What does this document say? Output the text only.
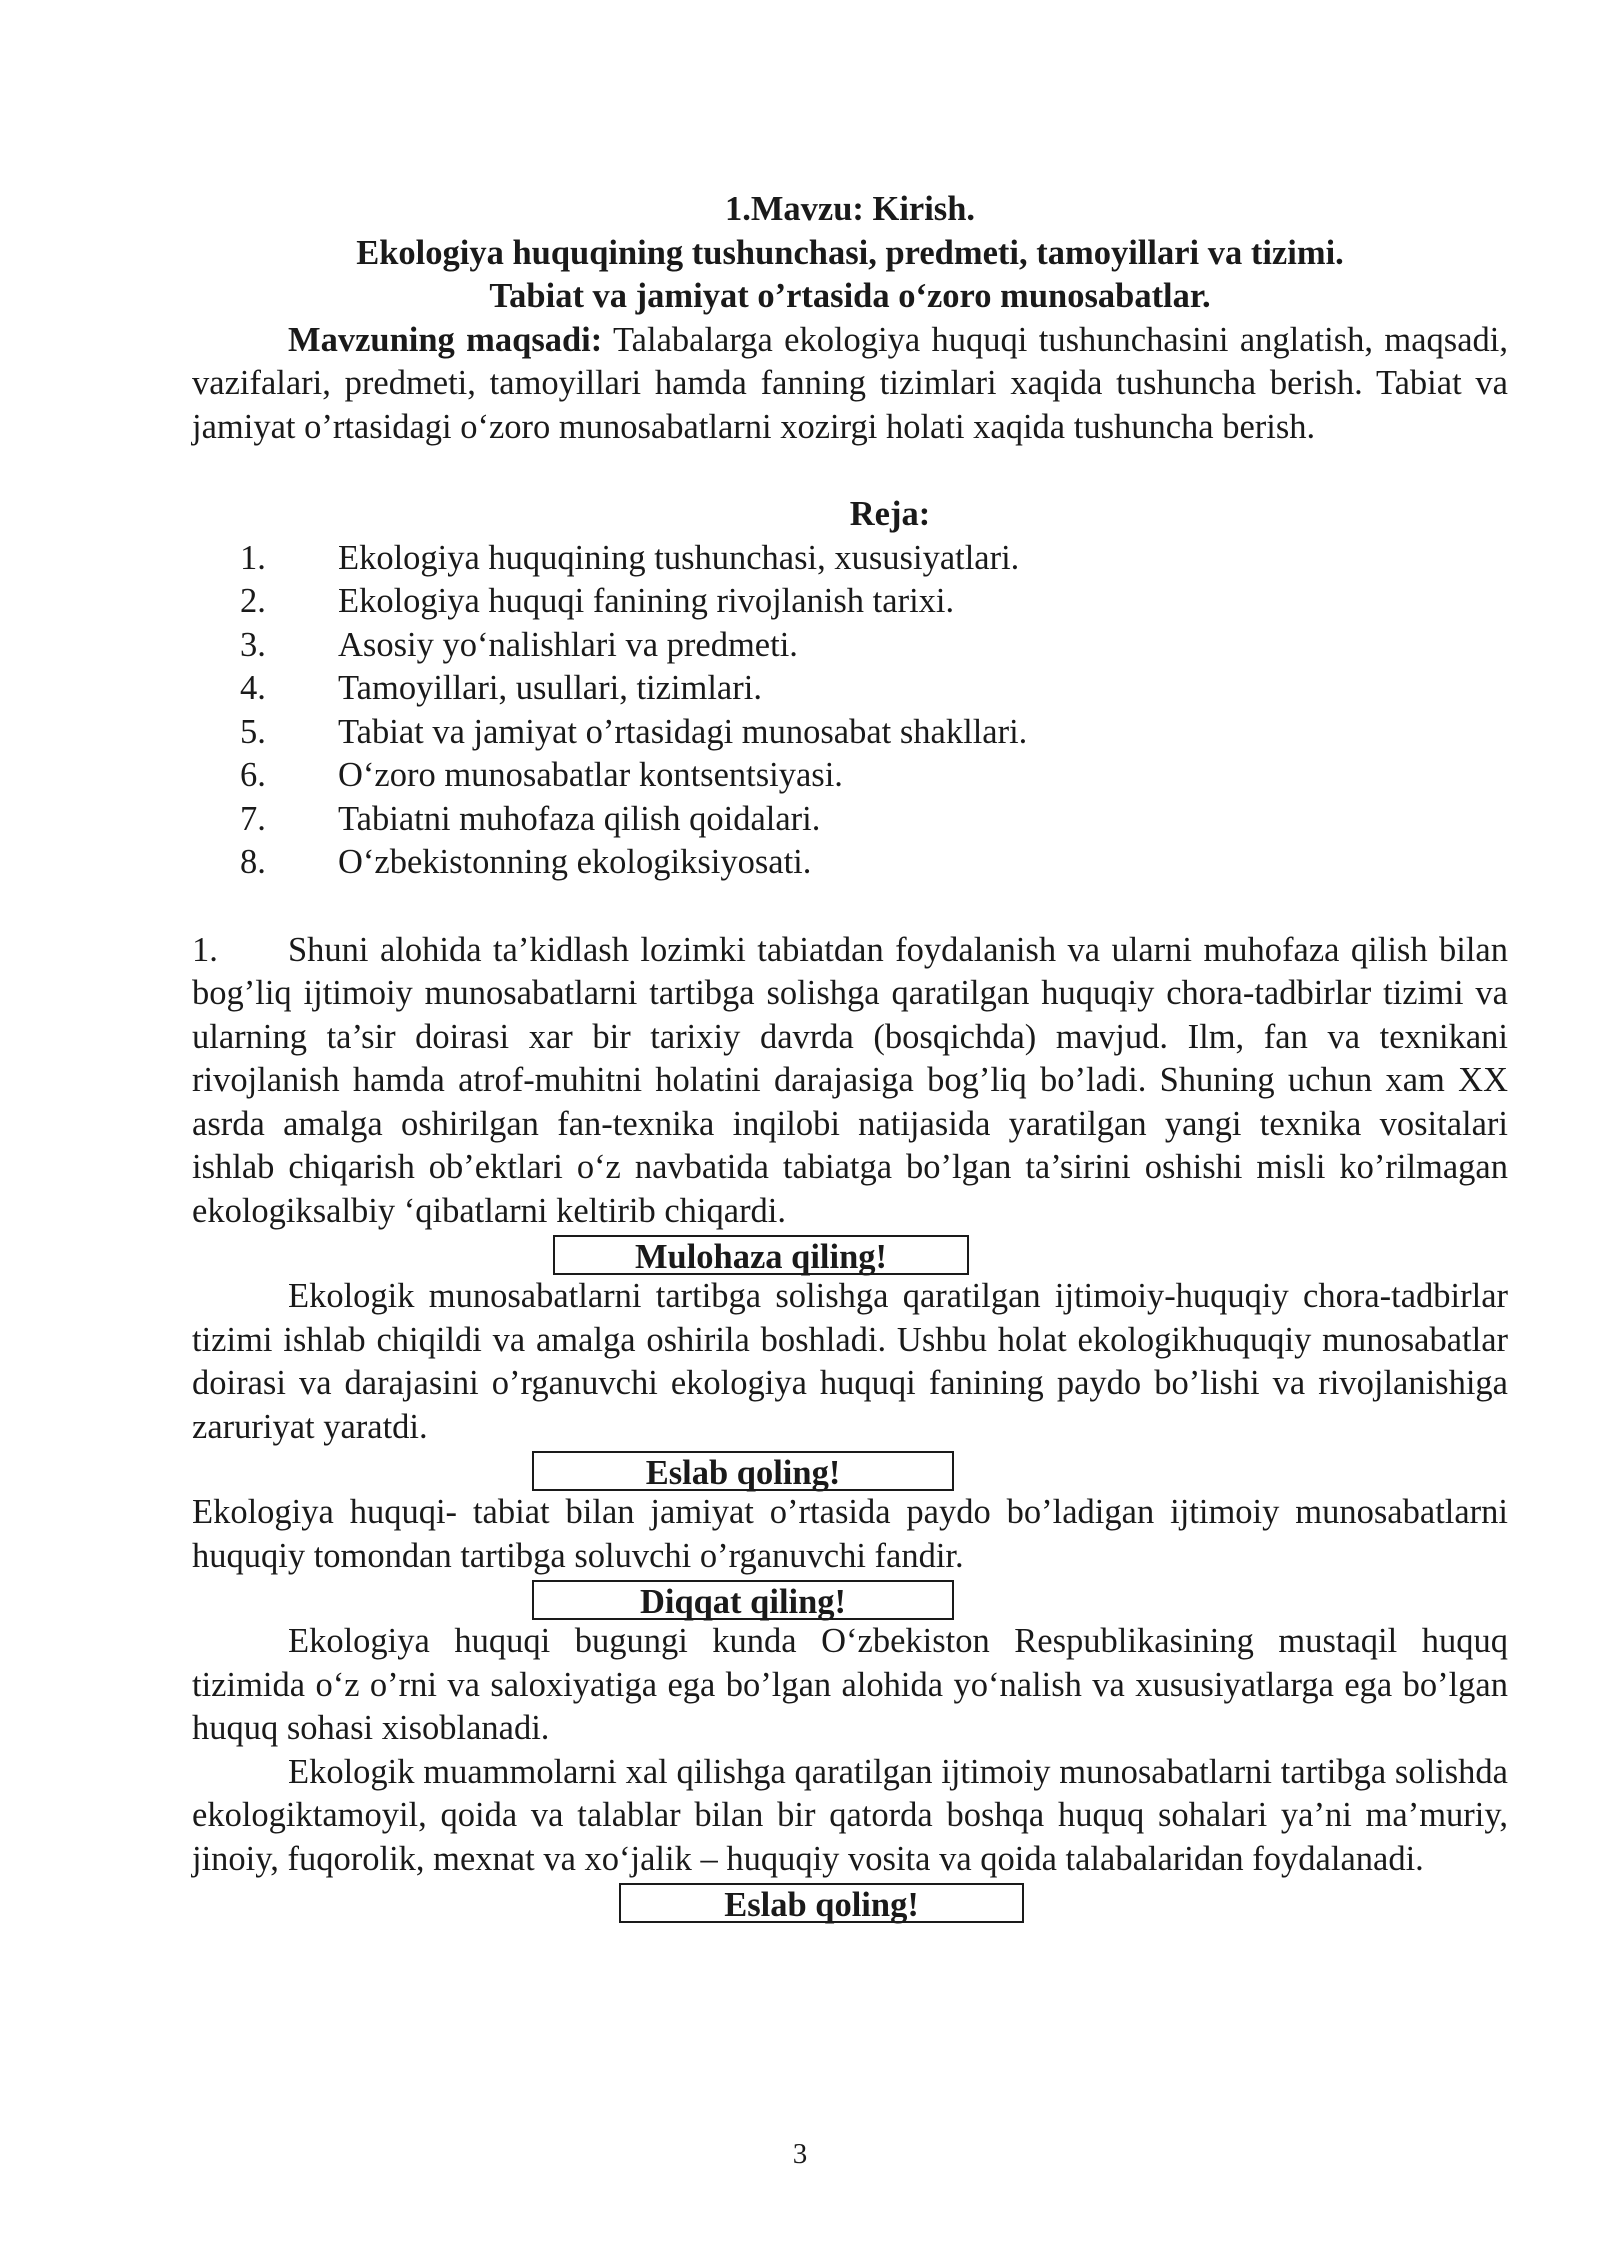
1.Mavzu: Kirish.

Ekologiya huquqining tushunchasi, predmeti, tamoyillari va tizimi.

Tabiat va jamiyat o’rtasida o‘zoro munosabatlar.

Mavzuning maqsadi: Talabalarga ekologiya huquqi tushunchasini anglatish, maqsadi, vazifalari, predmeti, tamoyillari hamda fanning tizimlari xaqida tushuncha berish. Tabiat va jamiyat o’rtasidagi o‘zoro munosabatlarni xozirgi holati xaqida tushuncha berish.

Reja:

1. Ekologiya huquqining tushunchasi, xususiyatlari.
2. Ekologiya huquqi fanining rivojlanish tarixi.
3. Asosiy yo‘nalishlari va predmeti.
4. Tamoyillari, usullari, tizimlari.
5. Tabiat va jamiyat o’rtasidagi munosabat shakllari.
6. O‘zoro munosabatlar kontsentsiyasi.
7. Tabiatni muhofaza qilish qoidalari.
8. O‘zbekistonning ekologiksiyosati.

1. Shuni alohida ta’kidlash lozimki tabiatdan foydalanish va ularni muhofaza qilish bilan bog’liq ijtimoiy munosabatlarni tartibga solishga qaratilgan huquqiy chora-tadbirlar tizimi va ularning ta’sir doirasi xar bir tarixiy davrda (bosqichda) mavjud. Ilm, fan va texnikani rivojlanish hamda atrof-muhitni holatini darajasiga bog’liq bo’ladi. Shuning uchun xam XX asrda amalga oshirilgan fan-texnika inqilobi natijasida yaratilgan yangi texnika vositalari ishlab chiqarish ob’ektlari o‘z navbatida tabiatga bo’lgan ta’sirini oshishi misli ko’rilmagan ekologiksalbiy ‘qibatlarni keltirib chiqardi.

Mulohaza qiling!

Ekologik munosabatlarni tartibga solishga qaratilgan ijtimoiy-huquqiy chora-tadbirlar tizimi ishlab chiqildi va amalga oshirila boshladi. Ushbu holat ekologikhuquqiy munosabatlar doirasi va darajasini o’rganuvchi ekologiya huquqi fanining paydo bo’lishi va rivojlanishiga zaruriyat yaratdi.

Eslab qoling!

Ekologiya huquqi- tabiat bilan jamiyat o’rtasida paydo bo’ladigan ijtimoiy munosabatlarni huquqiy tomondan tartibga soluvchi o’rganuvchi fandir.

Diqqat qiling!

Ekologiya huquqi bugungi kunda O‘zbekiston Respublikasining mustaqil huquq tizimida o‘z o’rni va saloxiyatiga ega bo’lgan alohida yo‘nalish va xususiyatlarga ega bo’lgan huquq sohasi xisoblanadi.

Ekologik muammolarni xal qilishga qaratilgan ijtimoiy munosabatlarni tartibga solishda ekologiktamoyil, qoida va talablar bilan bir qatorda boshqa huquq sohalari ya’ni ma’muriy, jinoiy, fuqorolik, mexnat va xo‘jalik – huquqiy vosita va qoida talabalaridan foydalanadi.

Eslab qoling!
3
